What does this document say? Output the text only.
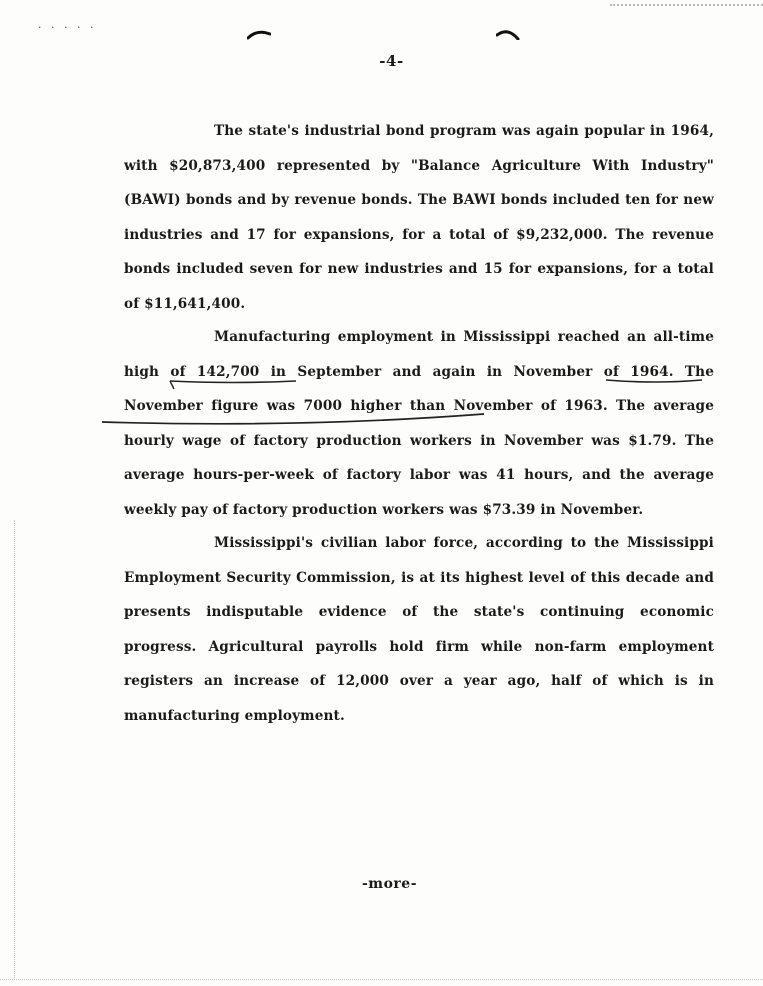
· · · · ·
-4-

The state's industrial bond program was again popular in 1964, with $20,873,400 represented by "Balance Agriculture With Industry" (BAWI) bonds and by revenue bonds. The BAWI bonds included ten for new industries and 17 for expansions, for a total of $9,232,000. The revenue bonds included seven for new industries and 15 for expansions, for a total of $11,641,400.

Manufacturing employment in Mississippi reached an all-time high of 142,700 in September and again in November of 1964. The November figure was 7000 higher than November of 1963. The average hourly wage of factory production workers in November was $1.79. The average hours-per-week of factory labor was 41 hours, and the average weekly pay of factory production workers was $73.39 in November.

Mississippi's civilian labor force, according to the Mississippi Employment Security Commission, is at its highest level of this decade and presents indisputable evidence of the state's continuing economic progress. Agricultural payrolls hold firm while non-farm employment registers an increase of 12,000 over a year ago, half of which is in manufacturing employment.

-more-
